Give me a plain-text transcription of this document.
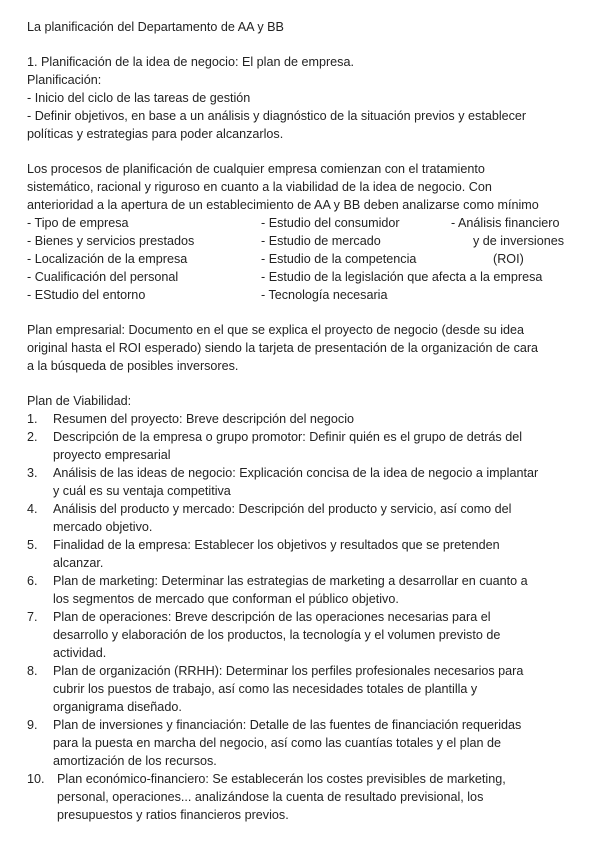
La planificación del Departamento de AA y BB
1. Planificación de la idea de negocio: El plan de empresa.
Planificación:
- Inicio del ciclo de las tareas de gestión
- Definir objetivos, en base a un análisis y diagnóstico de la situación previos y establecer
políticas y estrategias para poder alcanzarlos.
Los procesos de planificación de cualquier empresa comienzan con el tratamiento
sistemático, racional y riguroso en cuanto a la viabilidad de la idea de negocio. Con
anterioridad a la apertura de un establecimiento de AA y BB deben analizarse como mínimo
- Tipo de empresa	- Estudio del consumidor	- Análisis financiero
- Bienes y servicios prestados	- Estudio de mercado	y de inversiones
- Localización de la empresa	- Estudio de la competencia	(ROI)
- Cualificación del personal	- Estudio de la legislación que afecta a la empresa
- EStudio del entorno	- Tecnología necesaria
Plan empresarial: Documento en el que se explica el proyecto de negocio (desde su idea
original hasta el ROI esperado) siendo la tarjeta de presentación de la organización de cara
a la búsqueda de posibles inversores.
Plan de Viabilidad:
1. Resumen del proyecto: Breve descripción del negocio
2. Descripción de la empresa o grupo promotor: Definir quién es el grupo de detrás del
proyecto empresarial
3. Análisis de las ideas de negocio: Explicación concisa de la idea de negocio a implantar
y cuál es su ventaja competitiva
4. Análisis del producto y mercado: Descripción del producto y servicio, así como del
mercado objetivo.
5. Finalidad de la empresa: Establecer los objetivos y resultados que se pretenden
alcanzar.
6. Plan de marketing: Determinar las estrategias de marketing a desarrollar en cuanto a
los segmentos de mercado que conforman el público objetivo.
7. Plan de operaciones: Breve descripción de las operaciones necesarias para el
desarrollo y elaboración de los productos, la tecnología y el volumen previsto de
actividad.
8. Plan de organización (RRHH): Determinar los perfiles profesionales necesarios para
cubrir los puestos de trabajo, así como las necesidades totales de plantilla y
organigrama diseñado.
9. Plan de inversiones y financiación: Detalle de las fuentes de financiación requeridas
para la puesta en marcha del negocio, así como las cuantías totales y el plan de
amortización de los recursos.
10. Plan económico-financiero: Se establecerán los costes previsibles de marketing,
personal, operaciones... analizándose la cuenta de resultado previsional, los
presupuestos y ratios financieros previos.
